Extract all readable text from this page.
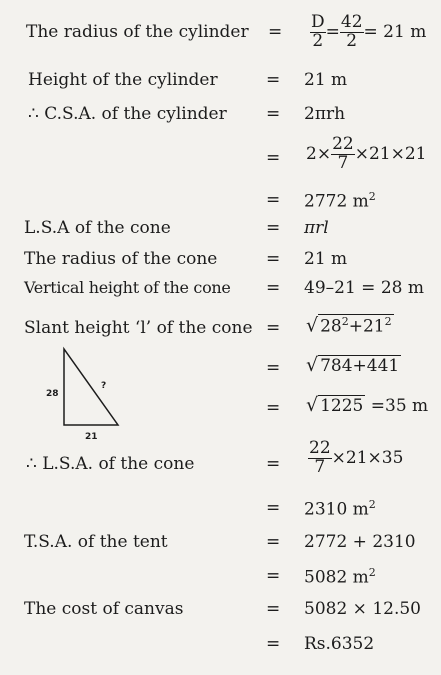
The radius of the cylinder = $\frac{D}{2} = \frac{42}{2} = 21$ m
Height of the cylinder	= 21 m
∴ C.S.A. of the cylinder = 2πrh
= $2\times \frac{22}{7} \times 21\times 21$
= 2772 $m^2$
L.S.A of the cone	= πrl
The radius of the cone	= 21 m
Vertical height of the cone = 49–21 = 28 m
Slant height ‘l’ of the cone = √ $28^2+21^2$
= √ 784+441
= √ 1225 =35 m
28
?
21
∴ L.S.A. of the cone	= $\frac{22}{7} \times 21\times 35$
= 2310 $m^2$
T.S.A. of the tent	= 2772 + 2310
= 5082 $m^2$
The cost of canvas	= 5082 × 12.50
= Rs.6352
